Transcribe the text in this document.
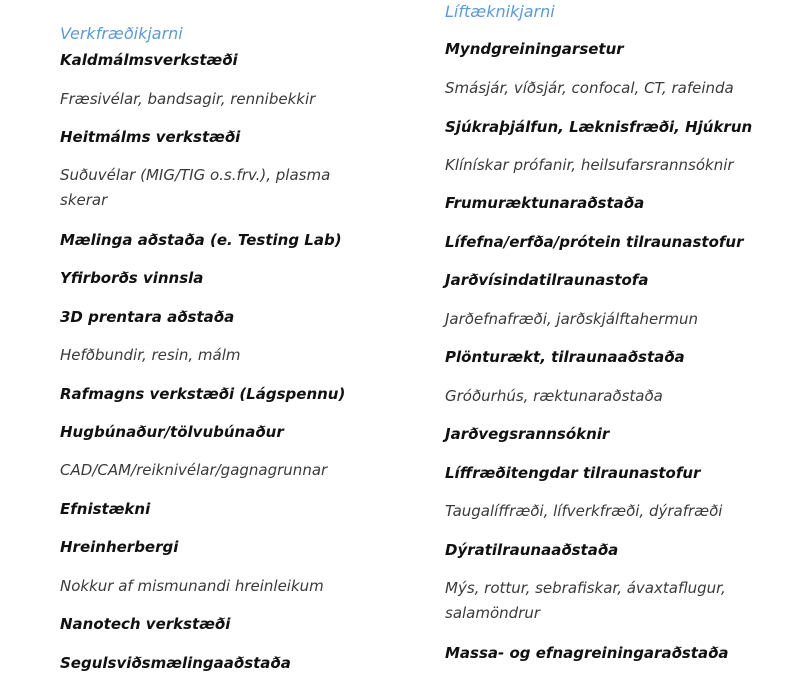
Verkfræðikjarni
Kaldmálmsverkstæði
Fræsivélar, bandsagir, rennibekkir
Heitmálms verkstæði
Suðuvélar (MIG/TIG o.s.frv.), plasma skerar
Mælinga aðstaða (e. Testing Lab)
Yfirborðs vinnsla
3D prentara aðstaða
Hefðbundir, resin, málm
Rafmagns verkstæði (Lágspennu)
Hugbúnaður/tölvubúnaður
CAD/CAM/reiknivélar/gagnagrunnar
Efnistækni
Hreinherbergi
Nokkur af mismunandi hreinleikum
Nanotech verkstæði
Segulsviðsmælingaaðstaða
Líftæknikjarni
Myndgreiningarsetur
Smásjár, víðsjár, confocal, CT, rafeinda
Sjúkraþjálfun, Læknisfræði, Hjúkrun
Klínískar prófanir, heilsufarsrannsóknir
Frumuræktunaraðstaða
Lífefna/erfða/prótein tilraunastofur
Jarðvísindatilraunastofa
Jarðefnafræði, jarðskjálftahermun
Plönturækt, tilraunaaðstaða
Gróðurhús, ræktunaraðstaða
Jarðvegsrannsóknir
Líffræðitengdar tilraunastofur
Taugalíffræði, lífverkfræði, dýrafræði
Dýratilraunaaðstaða
Mýs, rottur, sebrafiskar, ávaxtaflugur, salamöndrur
Massa- og efnagreiningaraðstaða
